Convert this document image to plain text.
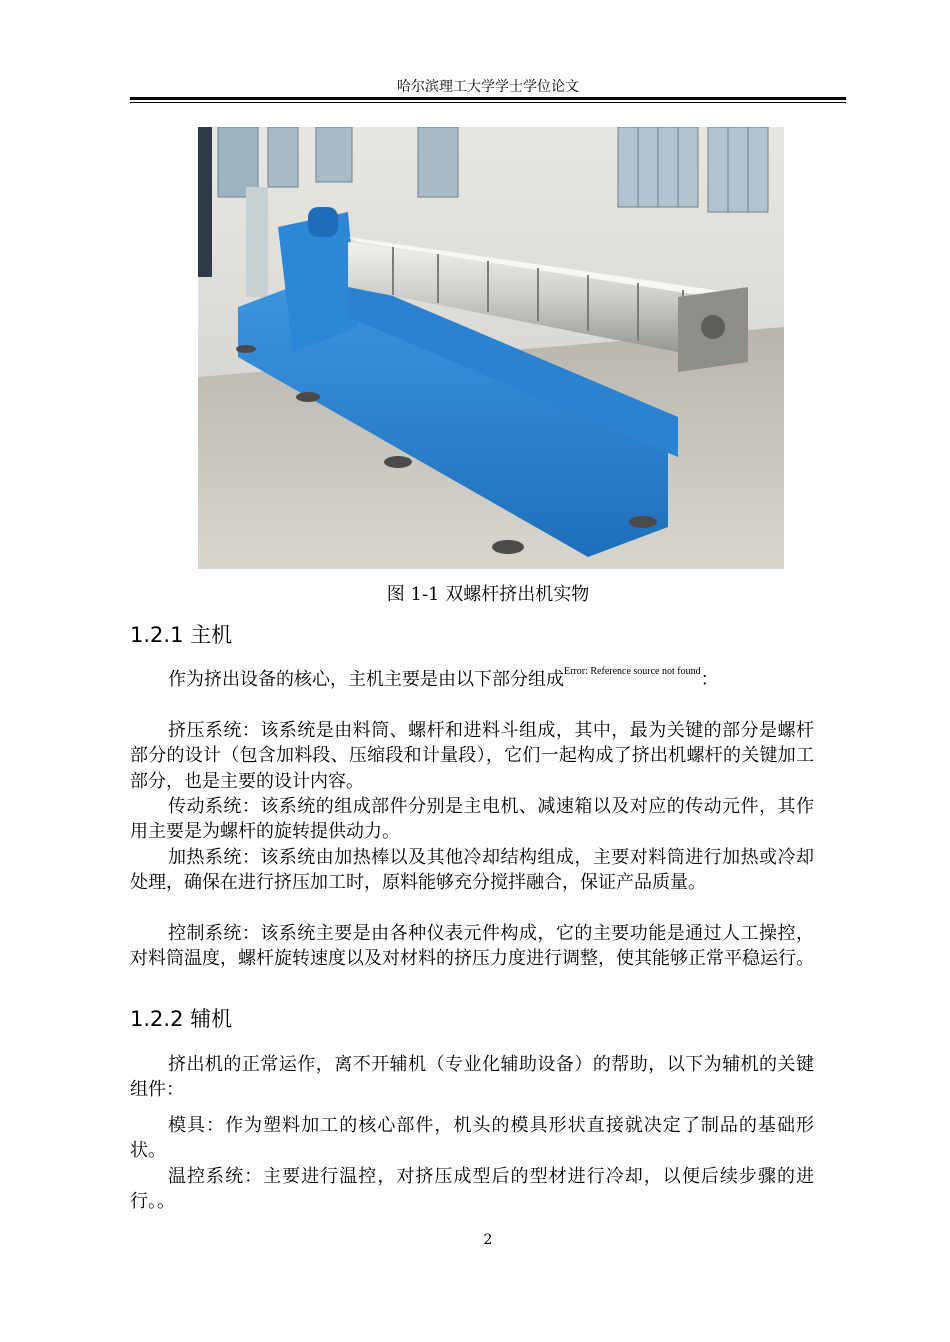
哈尔滨理工大学学士学位论文
图 1-1 双螺杆挤出机实物
1.2.1 主机
作为挤出设备的核心，主机主要是由以下部分组成$^{Error: Reference source not found}$：
挤压系统：该系统是由料筒、螺杆和进料斗组成，其中，最为关键的部分是螺杆部分的设计（包含加料段、压缩段和计量段），它们一起构成了挤出机螺杆的关键加工部分，也是主要的设计内容。
传动系统：该系统的组成部件分别是主电机、减速箱以及对应的传动元件，其作用主要是为螺杆的旋转提供动力。
加热系统：该系统由加热棒以及其他冷却结构组成，主要对料筒进行加热或冷却处理，确保在进行挤压加工时，原料能够充分搅拌融合，保证产品质量。
控制系统：该系统主要是由各种仪表元件构成，它的主要功能是通过人工操控，对料筒温度，螺杆旋转速度以及对材料的挤压力度进行调整，使其能够正常平稳运行。
1.2.2 辅机
挤出机的正常运作，离不开辅机（专业化辅助设备）的帮助，以下为辅机的关键组件：
模具：作为塑料加工的核心部件，机头的模具形状直接就决定了制品的基础形状。
温控系统：主要进行温控，对挤压成型后的型材进行冷却，以便后续步骤的进行。。
2
